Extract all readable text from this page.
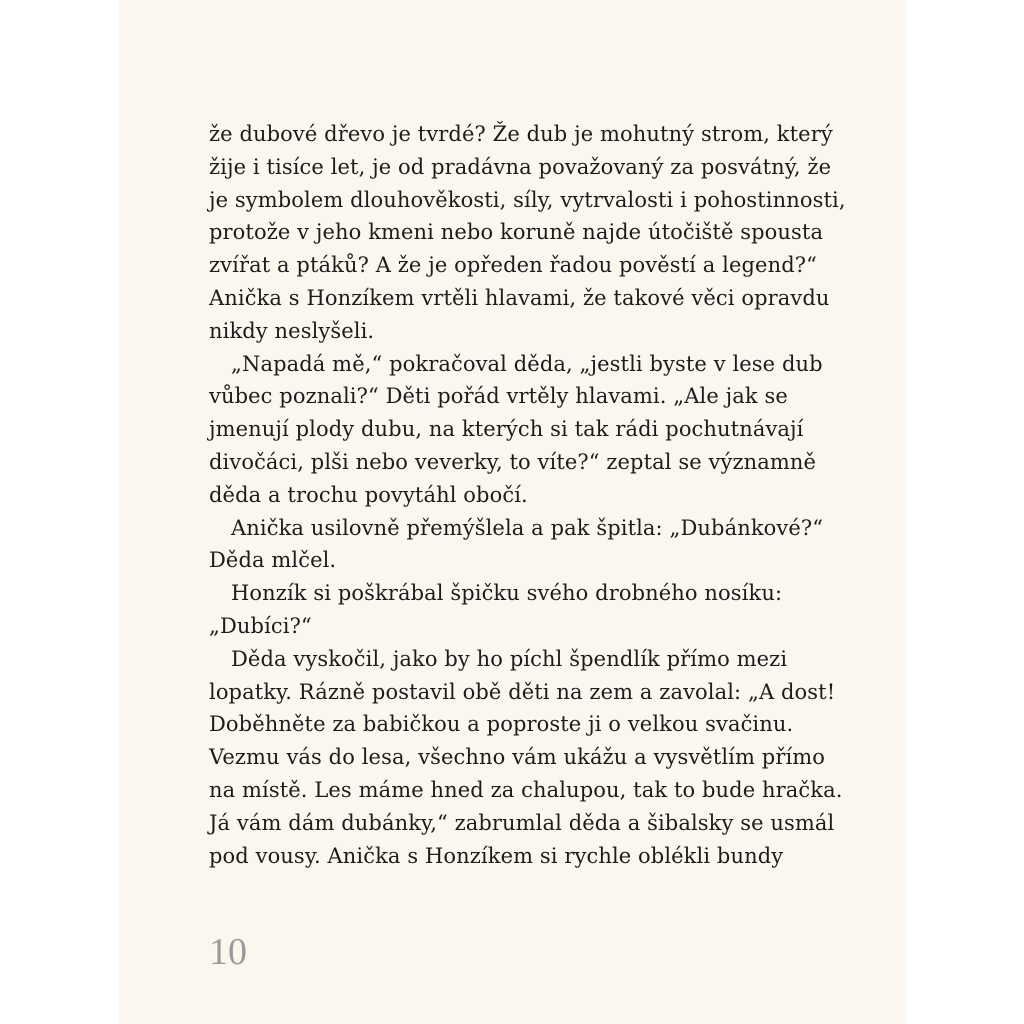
že dubové dřevo je tvrdé? Že dub je mohutný strom, který
žije i tisíce let, je od pradávna považovaný za posvátný, že
je symbolem dlouhověkosti, síly, vytrvalosti i pohostinnosti,
protože v jeho kmeni nebo koruně najde útočiště spousta
zvířat a ptáků? A že je opředen řadou pověstí a legend?“
Anička s Honzíkem vrtěli hlavami, že takové věci opravdu
nikdy neslyšeli.
„Napadá mě,“ pokračoval děda, „jestli byste v lese dub
vůbec poznali?“ Děti pořád vrtěly hlavami. „Ale jak se
jmenují plody dubu, na kterých si tak rádi pochutnávají
divočáci, plši nebo veverky, to víte?“ zeptal se významně
děda a trochu povytáhl obočí.
Anička usilovně přemýšlela a pak špitla: „Dubánkové?“
Děda mlčel.
Honzík si poškrábal špičku svého drobného nosíku:
„Dubíci?“
Děda vyskočil, jako by ho píchl špendlík přímo mezi
lopatky. Rázně postavil obě děti na zem a zavolal: „A dost!
Doběhněte za babičkou a poproste ji o velkou svačinu.
Vezmu vás do lesa, všechno vám ukážu a vysvětlím přímo
na místě. Les máme hned za chalupou, tak to bude hračka.
Já vám dám dubánky,“ zabrumlal děda a šibalsky se usmál
pod vousy. Anička s Honzíkem si rychle oblékli bundy
10
